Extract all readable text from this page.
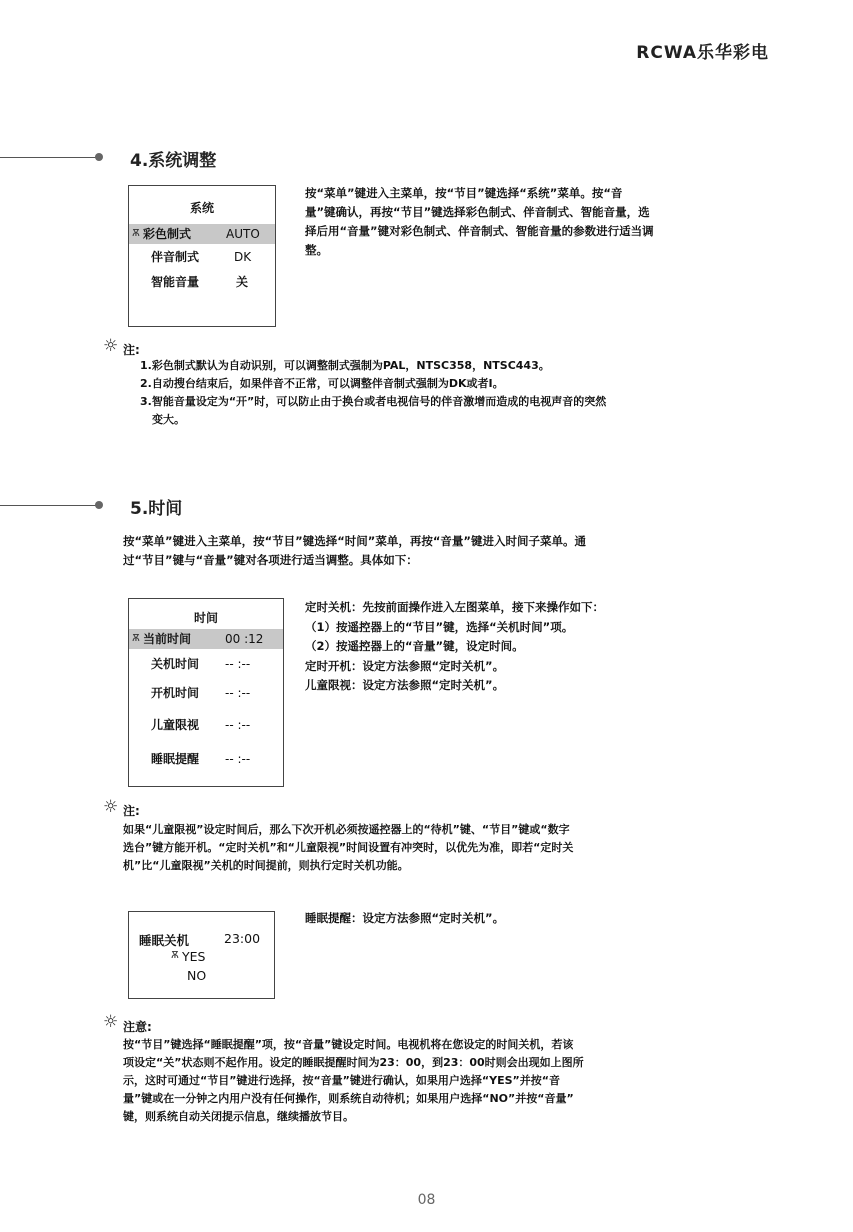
RCWA乐华彩电
4.系统调整
系统
Ѫ 彩色制式	AUTO
伴音制式	DK
智能音量	关
按“菜单”键进入主菜单，按“节目”键选择“系统”菜单。按“音
量”键确认，再按“节目”键选择彩色制式、伴音制式、智能音量，选
择后用“音量”键对彩色制式、伴音制式、智能音量的参数进行适当调
整。
☼ 注:
1.彩色制式默认为自动识别，可以调整制式强制为PAL，NTSC358，NTSC443。
2.自动搜台结束后，如果伴音不正常，可以调整伴音制式强制为DK或者I。
3.智能音量设定为“开”时，可以防止由于换台或者电视信号的伴音激增而造成的电视声音的突然
变大。
5.时间
按“菜单”键进入主菜单，按“节目”键选择“时间”菜单，再按“音量”键进入时间子菜单。通
过“节目”键与“音量”键对各项进行适当调整。具体如下：
时间
Ѫ 当前时间	00 :12
关机时间 -- :--
开机时间 -- :--
儿童限视 -- :--
睡眠提醒 -- :--
定时关机：先按前面操作进入左图菜单，接下来操作如下：
（1）按遥控器上的“节目”键，选择“关机时间”项。
（2）按遥控器上的“音量”键，设定时间。
定时开机：设定方法参照“定时关机”。
儿童限视：设定方法参照“定时关机”。
☼ 注:
如果“儿童限视”设定时间后，那么下次开机必须按遥控器上的“待机”键、“节目”键或“数字
选台”键方能开机。“定时关机”和“儿童限视”时间设置有冲突时，以优先为准，即若“定时关
机”比“儿童限视”关机的时间提前，则执行定时关机功能。
睡眠关机	23:00
Ѫ YES
NO
睡眠提醒：设定方法参照“定时关机”。
☼ 注意:
按“节目”键选择“睡眠提醒”项，按“音量”键设定时间。电视机将在您设定的时间关机，若该
项设定“关”状态则不起作用。设定的睡眠提醒时间为23：00，到23：00时则会出现如上图所
示，这时可通过“节目”键进行选择，按“音量”键进行确认，如果用户选择“YES”并按“音
量”键或在一分钟之内用户没有任何操作，则系统自动待机；如果用户选择“NO”并按“音量”
键，则系统自动关闭提示信息，继续播放节目。
08
